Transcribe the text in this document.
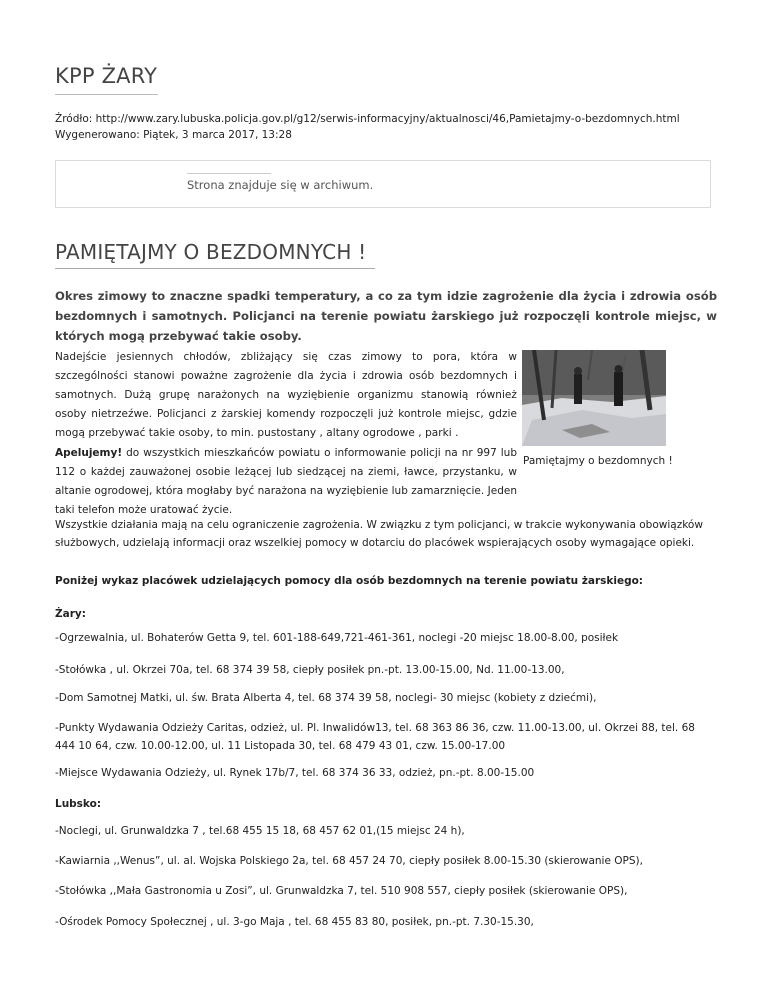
KPP ŻARY
Źródło: http://www.zary.lubuska.policja.gov.pl/g12/serwis-informacyjny/aktualnosci/46,Pamietajmy-o-bezdomnych.html
Wygenerowano: Piątek, 3 marca 2017, 13:28
Strona znajduje się w archiwum.
PAMIĘTAJMY O BEZDOMNYCH !

Okres zimowy to znaczne spadki temperatury, a co za tym idzie zagrożenie dla życia i zdrowia osób bezdomnych i samotnych. Policjanci na terenie powiatu żarskiego już rozpoczęli kontrole miejsc, w których mogą przebywać takie osoby.

Nadejście jesiennych chłodów, zbliżający się czas zimowy to pora, która w szczególności stanowi poważne zagrożenie dla życia i zdrowia osób bezdomnych i samotnych. Dużą grupę narażonych na wyziębienie organizmu stanowią również osoby nietrzeźwe. Policjanci z żarskiej komendy rozpoczęli już kontrole miejsc, gdzie mogą przebywać takie osoby, to min. pustostany , altany ogrodowe , parki .

Pamiętajmy o bezdomnych !

Apelujemy! do wszystkich mieszkańców powiatu o informowanie policji na nr 997 lub 112 o każdej zauważonej osobie leżącej lub siedzącej na ziemi, ławce, przystanku, w altanie ogrodowej, która mogłaby być narażona na wyziębienie lub zamarznięcie. Jeden taki telefon może uratować życie.

Wszystkie działania mają na celu ograniczenie zagrożenia. W związku z tym policjanci, w trakcie wykonywania obowiązków służbowych, udzielają informacji oraz wszelkiej pomocy w dotarciu do placówek wspierających osoby wymagające opieki.

Poniżej wykaz placówek udzielających pomocy dla osób bezdomnych na terenie powiatu żarskiego:

Żary:

-Ogrzewalnia, ul. Bohaterów Getta 9, tel. 601-188-649,721-461-361, noclegi -20 miejsc 18.00-8.00, posiłek

-Stołówka , ul. Okrzei 70a, tel. 68 374 39 58, ciepły posiłek pn.-pt. 13.00-15.00, Nd. 11.00-13.00,

-Dom Samotnej Matki, ul. św. Brata Alberta 4, tel. 68 374 39 58, noclegi- 30 miejsc (kobiety z dziećmi),

-Punkty Wydawania Odzieży Caritas, odzież, ul. Pl. Inwalidów13, tel. 68 363 86 36, czw. 11.00-13.00, ul. Okrzei 88, tel. 68 444 10 64, czw. 10.00-12.00, ul. 11 Listopada 30, tel. 68 479 43 01, czw. 15.00-17.00

-Miejsce Wydawania Odzieży, ul. Rynek 17b/7, tel. 68 374 36 33, odzież, pn.-pt. 8.00-15.00

Lubsko:

-Noclegi, ul. Grunwaldzka 7 , tel.68 455 15 18, 68 457 62 01,(15 miejsc 24 h),

-Kawiarnia ,,Wenus”, ul. al. Wojska Polskiego 2a, tel. 68 457 24 70, ciepły posiłek 8.00-15.30 (skierowanie OPS),

-Stołówka ,,Mała Gastronomia u Zosi”, ul. Grunwaldzka 7, tel. 510 908 557, ciepły posiłek (skierowanie OPS),

-Ośrodek Pomocy Społecznej , ul. 3-go Maja , tel. 68 455 83 80, posiłek, pn.-pt. 7.30-15.30,
